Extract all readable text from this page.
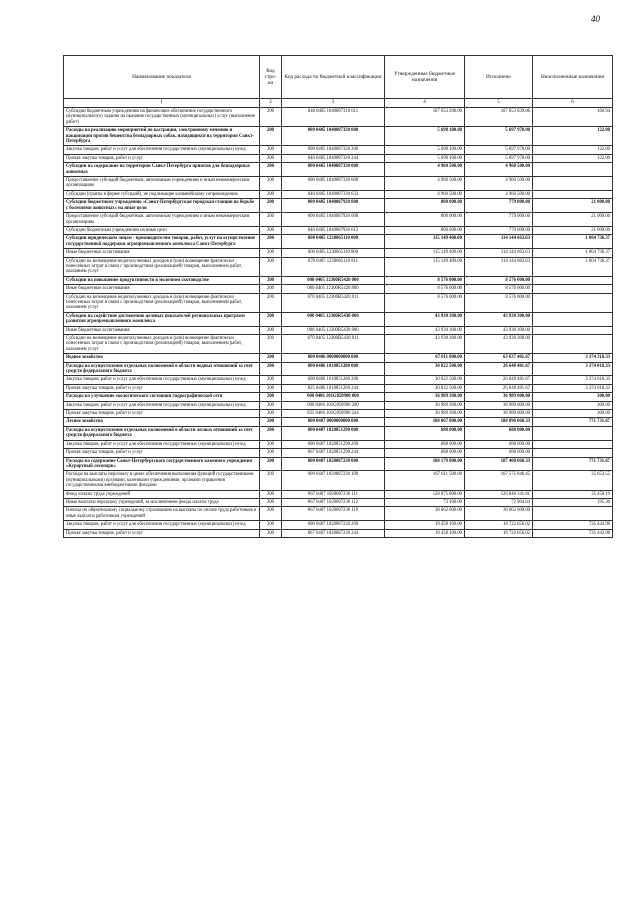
40
Наименование показателя	Код стро-ки	Код расхода по бюджетной классификации	Утвержденные бюджетные назначения	Исполнено	Неисполненные назначения
1	2	3	4	5	6
Субсидии бюджетным учреждениям на финансовое обеспечение государственного (муниципального) задания на оказание государственных (муниципальных) услуг (выполнение работ)	200	840 0405 1040087310 611	107 653 200.00	107 653 039.06	160.94
Расходы на реализацию мероприятий по кастрации, электронному мечению и вакцинации против бешенства безнадзорных собак, находящихся на территории Санкт-Петербурга	200	000 0405 1040087320 000	5 698 100.00	5 697 978.00	122.00
Закупка товаров, работ и услуг для обеспечения государственных (муниципальных) нужд	200	000 0405 1040087320 200	5 698 100.00	5 697 978.00	122.00
Прочая закупка товаров, работ и услуг	200	840 0405 1040087320 244	5 698 100.00	5 697 978.00	122.00
Субсидии на содержание на территории Санкт-Петербурга приютов для безнадзорных животных	200	000 0405 1040087330 000	4 960 500.00	4 960 500.00	
Предоставление субсидий бюджетным, автономным учреждениям и иным некоммерческим организациям	200	000 0405 1040087330 600	4 960 500.00	4 960 500.00	
Субсидии (гранты в форме субсидий), не подлежащие казначейскому сопровождению	200	840 0405 1040087330 633	4 960 500.00	4 960 500.00	
Субсидии бюджетному учреждению «Санкт-Петербургская городская станция по борьбе с болезнями животных» на иные цели	200	000 0405 1040087920 000	800 000.00	779 000.00	21 000.00
Предоставление субсидий бюджетным, автономным учреждениям и иным некоммерческим организациям	200	000 0405 1040087920 600	800 000.00	779 000.00	21 000.00
Субсидии бюджетным учреждениям на иные цели	200	840 0405 1040087920 612	800 000.00	779 000.00	21 000.00
Субсидии юридическим лицам - производителям товаров, работ, услуг на осуществление государственной поддержки агропромышленного комплекса Санкт-Петербурга	200	000 0405 1230065110 000	115 149 400.00	114 144 663.63	1 004 736.37
Иные бюджетные ассигнования	200	000 0405 1230065110 800	115 149 400.00	114 144 663.63	1 004 736.37
Субсидии на возмещение недополученных доходов и (или) возмещение фактически понесенных затрат в связи с производством (реализацией) товаров, выполнением работ, оказанием услуг	200	870 0405 1230065110 811	115 149 400.00	114 144 663.63	1 004 736.37
Субсидии на повышение продуктивности в молочном скотоводстве	200	000 0405 12300R5420 000	8 576 000.00	8 576 000.00	
Иные бюджетные ассигнования	200	000 0405 12300R5420 800	8 576 000.00	8 576 000.00	
Субсидии на возмещение недополученных доходов и (или) возмещение фактически понесенных затрат в связи с производством (реализацией) товаров, выполнением работ, оказанием услуг	200	870 0405 12300R5420 811	8 576 000.00	8 576 000.00	
Субсидии на содействие достижению целевых показателей региональных программ развития агропромышленного комплекса	200	000 0405 12300R5430 000	43 930 300.00	43 930 300.00	
Иные бюджетные ассигнования	200	000 0405 12300R5430 800	43 930 300.00	43 930 300.00	
Субсидии на возмещение недополученных доходов и (или) возмещение фактически понесенных затрат в связи с производством (реализацией) товаров, выполнением работ, оказанием услуг	200	870 0405 12300R5430 811	43 930 300.00	43 930 300.00	
Водное хозяйство	200	000 0406 0000000000 000	67 011 800.00	63 637 481.67	3 374 318.33
Расходы на осуществление отдельных полномочий в области водных отношений за счет средств федерального бюджета	200	000 0406 1010051280 000	30 022 500.00	26 648 481.67	3 374 018.33
Закупка товаров, работ и услуг для обеспечения государственных (муниципальных) нужд	200	000 0406 1010051280 200	30 022 500.00	26 648 481.67	3 374 018.33
Прочая закупка товаров, работ и услуг	200	825 0406 1010051280 244	30 022 500.00	26 648 481.67	3 374 018.33
Расходы на улучшение экологического состояния гидрографической сети	200	000 0406 101G850900 000	36 989 300.00	36 989 000.00	300.00
Закупка товаров, работ и услуг для обеспечения государственных (муниципальных) нужд	200	000 0406 101G850900 200	36 989 300.00	36 989 000.00	300.00
Прочая закупка товаров, работ и услуг	200	825 0406 101G850900 244	36 989 300.00	36 989 000.00	300.00
Лесное хозяйство	200	000 0407 0000000000 000	188 867 800.00	188 096 068.33	771 731.67
Расходы на осуществление отдельных полномочий в области лесных отношений за счет средств федерального бюджета	200	000 0407 1020051290 000	688 000.00	688 000.00	
Закупка товаров, работ и услуг для обеспечения государственных (муниципальных) нужд	200	000 0407 1020051290 200	688 000.00	688 000.00	
Прочая закупка товаров, работ и услуг	200	867 0407 1020051290 244	688 000.00	688 000.00	
Расходы на содержание Санкт-Петербургского государственного казенного учреждения «Курортный лесопарк»	200	000 0407 1020087230 000	188 179 800.00	187 408 068.33	771 731.67
Расходы на выплаты персоналу в целях обеспечения выполнения функций государственными (муниципальными) органами, казенными учреждениями, органами управления государственными внебюджетными фондами	200	000 0407 1020087230 100	167 611 500.00	167 575 846.45	35 653.55
Фонд оплаты труда учреждений	200	867 0407 1020087230 111	128 875 800.00	128 840 341.81	35 458.19
Иные выплаты персоналу учреждений, за исключением фонда оплаты труда	200	867 0407 1020087230 112	73 100.00	72 904.64	195.36
Взносы по обязательному социальному страхованию на выплаты по оплате труда работников и иные выплаты работникам учреждений	200	867 0407 1020087230 119	38 662 600.00	38 662 600.00	
Закупка товаров, работ и услуг для обеспечения государственных (муниципальных) нужд	200	000 0407 1020087230 200	19 458 100.00	18 722 656.02	735 443.98
Прочая закупка товаров, работ и услуг	200	867 0407 1020087230 244	19 458 100.00	18 722 656.02	735 443.98
